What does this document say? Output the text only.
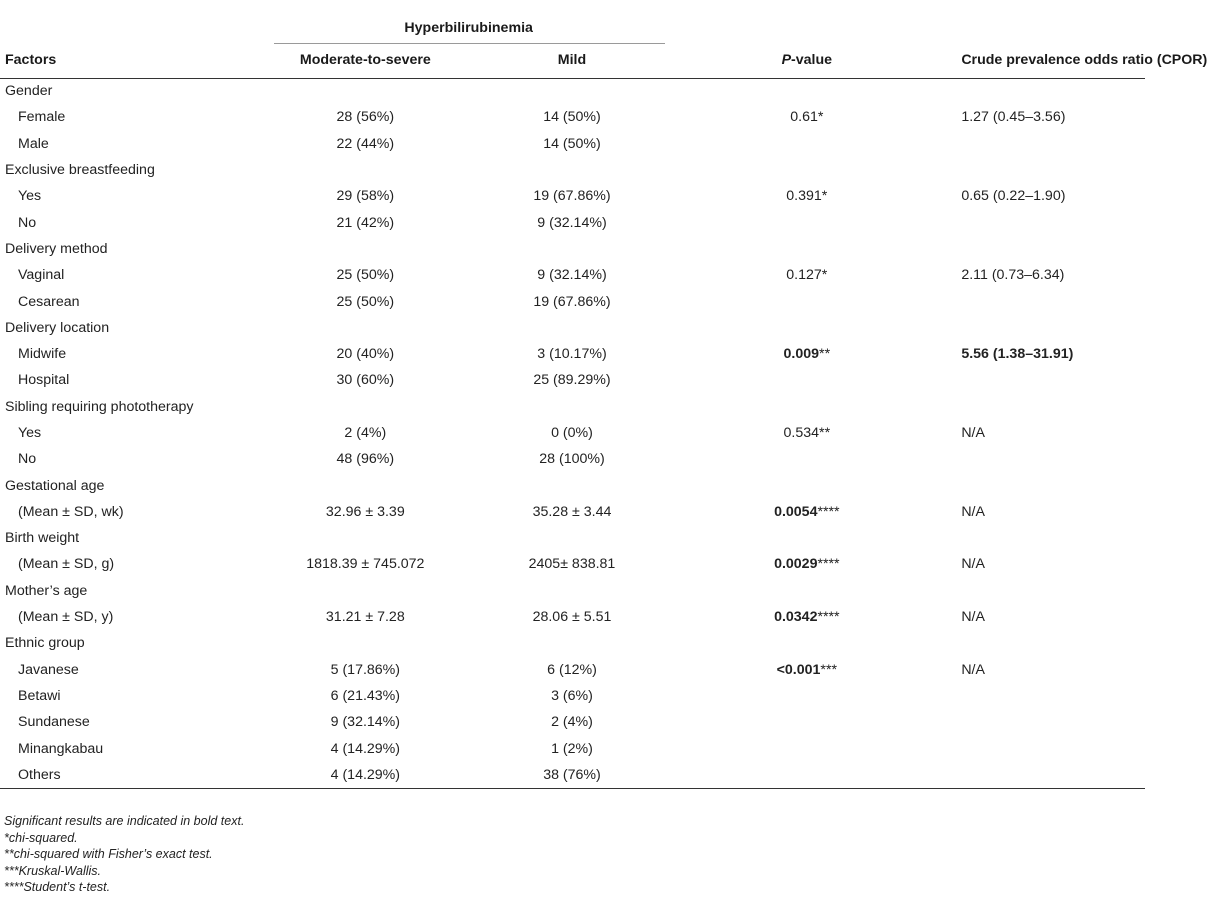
	Hyperbilirubinemia			

Factors	Moderate-to-severe	Mild	P-value	Crude prevalence odds ratio (CPOR)
Gender				
Female	28 (56%)	14 (50%)	0.61*	1.27 (0.45–3.56)
Male	22 (44%)	14 (50%)		
Exclusive breastfeeding				
Yes	29 (58%)	19 (67.86%)	0.391*	0.65 (0.22–1.90)
No	21 (42%)	9 (32.14%)		
Delivery method				
Vaginal	25 (50%)	9 (32.14%)	0.127*	2.11 (0.73–6.34)
Cesarean	25 (50%)	19 (67.86%)		
Delivery location				
Midwife	20 (40%)	3 (10.17%)	0.009**	5.56 (1.38–31.91)
Hospital	30 (60%)	25 (89.29%)		
Sibling requiring phototherapy				
Yes	2 (4%)	0 (0%)	0.534**	N/A
No	48 (96%)	28 (100%)		
Gestational age				
(Mean ± SD, wk)	32.96 ± 3.39	35.28 ± 3.44	0.0054****	N/A
Birth weight				
(Mean ± SD, g)	1818.39 ± 745.072	2405± 838.81	0.0029****	N/A
Mother’s age				
(Mean ± SD, y)	31.21 ± 7.28	28.06 ± 5.51	0.0342****	N/A
Ethnic group				
Javanese	5 (17.86%)	6 (12%)	<0.001***	N/A
Betawi	6 (21.43%)	3 (6%)		
Sundanese	9 (32.14%)	2 (4%)		
Minangkabau	4 (14.29%)	1 (2%)		
Others	4 (14.29%)	38 (76%)		
Significant results are indicated in bold text.
*chi-squared.
**chi-squared with Fisher’s exact test.
***Kruskal-Wallis.
****Student’s t-test.
